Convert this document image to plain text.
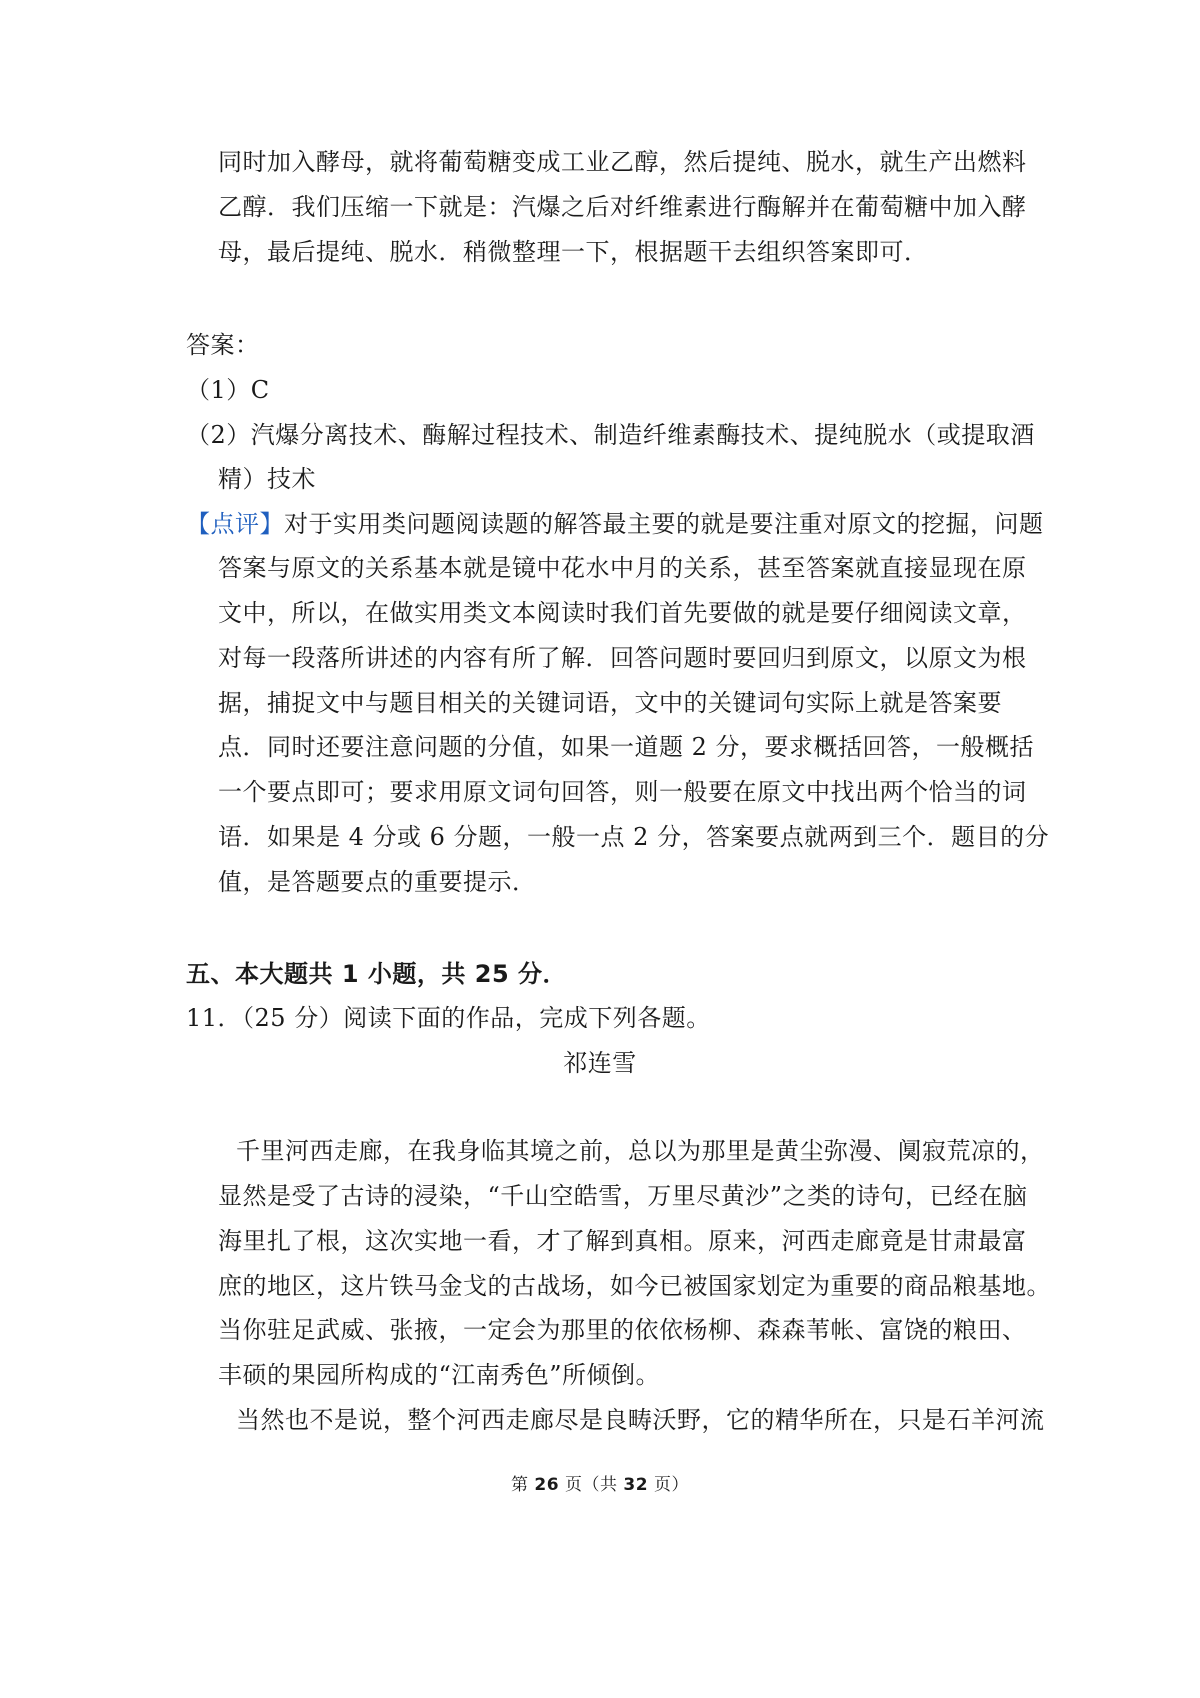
同时加入酵母，就将葡萄糖变成工业乙醇，然后提纯、脱水，就生产出燃料
乙醇．我们压缩一下就是：汽爆之后对纤维素进行酶解并在葡萄糖中加入酵
母，最后提纯、脱水．稍微整理一下，根据题干去组织答案即可．
答案：
（1）C
（2）汽爆分离技术、酶解过程技术、制造纤维素酶技术、提纯脱水（或提取酒
精）技术
【点评】对于实用类问题阅读题的解答最主要的就是要注重对原文的挖掘，问题
答案与原文的关系基本就是镜中花水中月的关系，甚至答案就直接显现在原
文中，所以，在做实用类文本阅读时我们首先要做的就是要仔细阅读文章，
对每一段落所讲述的内容有所了解．回答问题时要回归到原文，以原文为根
据，捕捉文中与题目相关的关键词语，文中的关键词句实际上就是答案要
点．同时还要注意问题的分值，如果一道题 2 分，要求概括回答，一般概括
一个要点即可；要求用原文词句回答，则一般要在原文中找出两个恰当的词
语．如果是 4 分或 6 分题，一般一点 2 分，答案要点就两到三个．题目的分
值，是答题要点的重要提示．
五、本大题共 1 小题，共 25 分．
11．（25 分）阅读下面的作品，完成下列各题。
祁连雪
千里河西走廊，在我身临其境之前，总以为那里是黄尘弥漫、阒寂荒凉的，
显然是受了古诗的浸染，“千山空皓雪，万里尽黄沙”之类的诗句，已经在脑
海里扎了根，这次实地一看，才了解到真相。原来，河西走廊竟是甘肃最富
庶的地区，这片铁马金戈的古战场，如今已被国家划定为重要的商品粮基地。
当你驻足武威、张掖，一定会为那里的依依杨柳、森森苇帐、富饶的粮田、
丰硕的果园所构成的“江南秀色”所倾倒。
当然也不是说，整个河西走廊尽是良畴沃野，它的精华所在，只是石羊河流
第 26 页（共 32 页）
